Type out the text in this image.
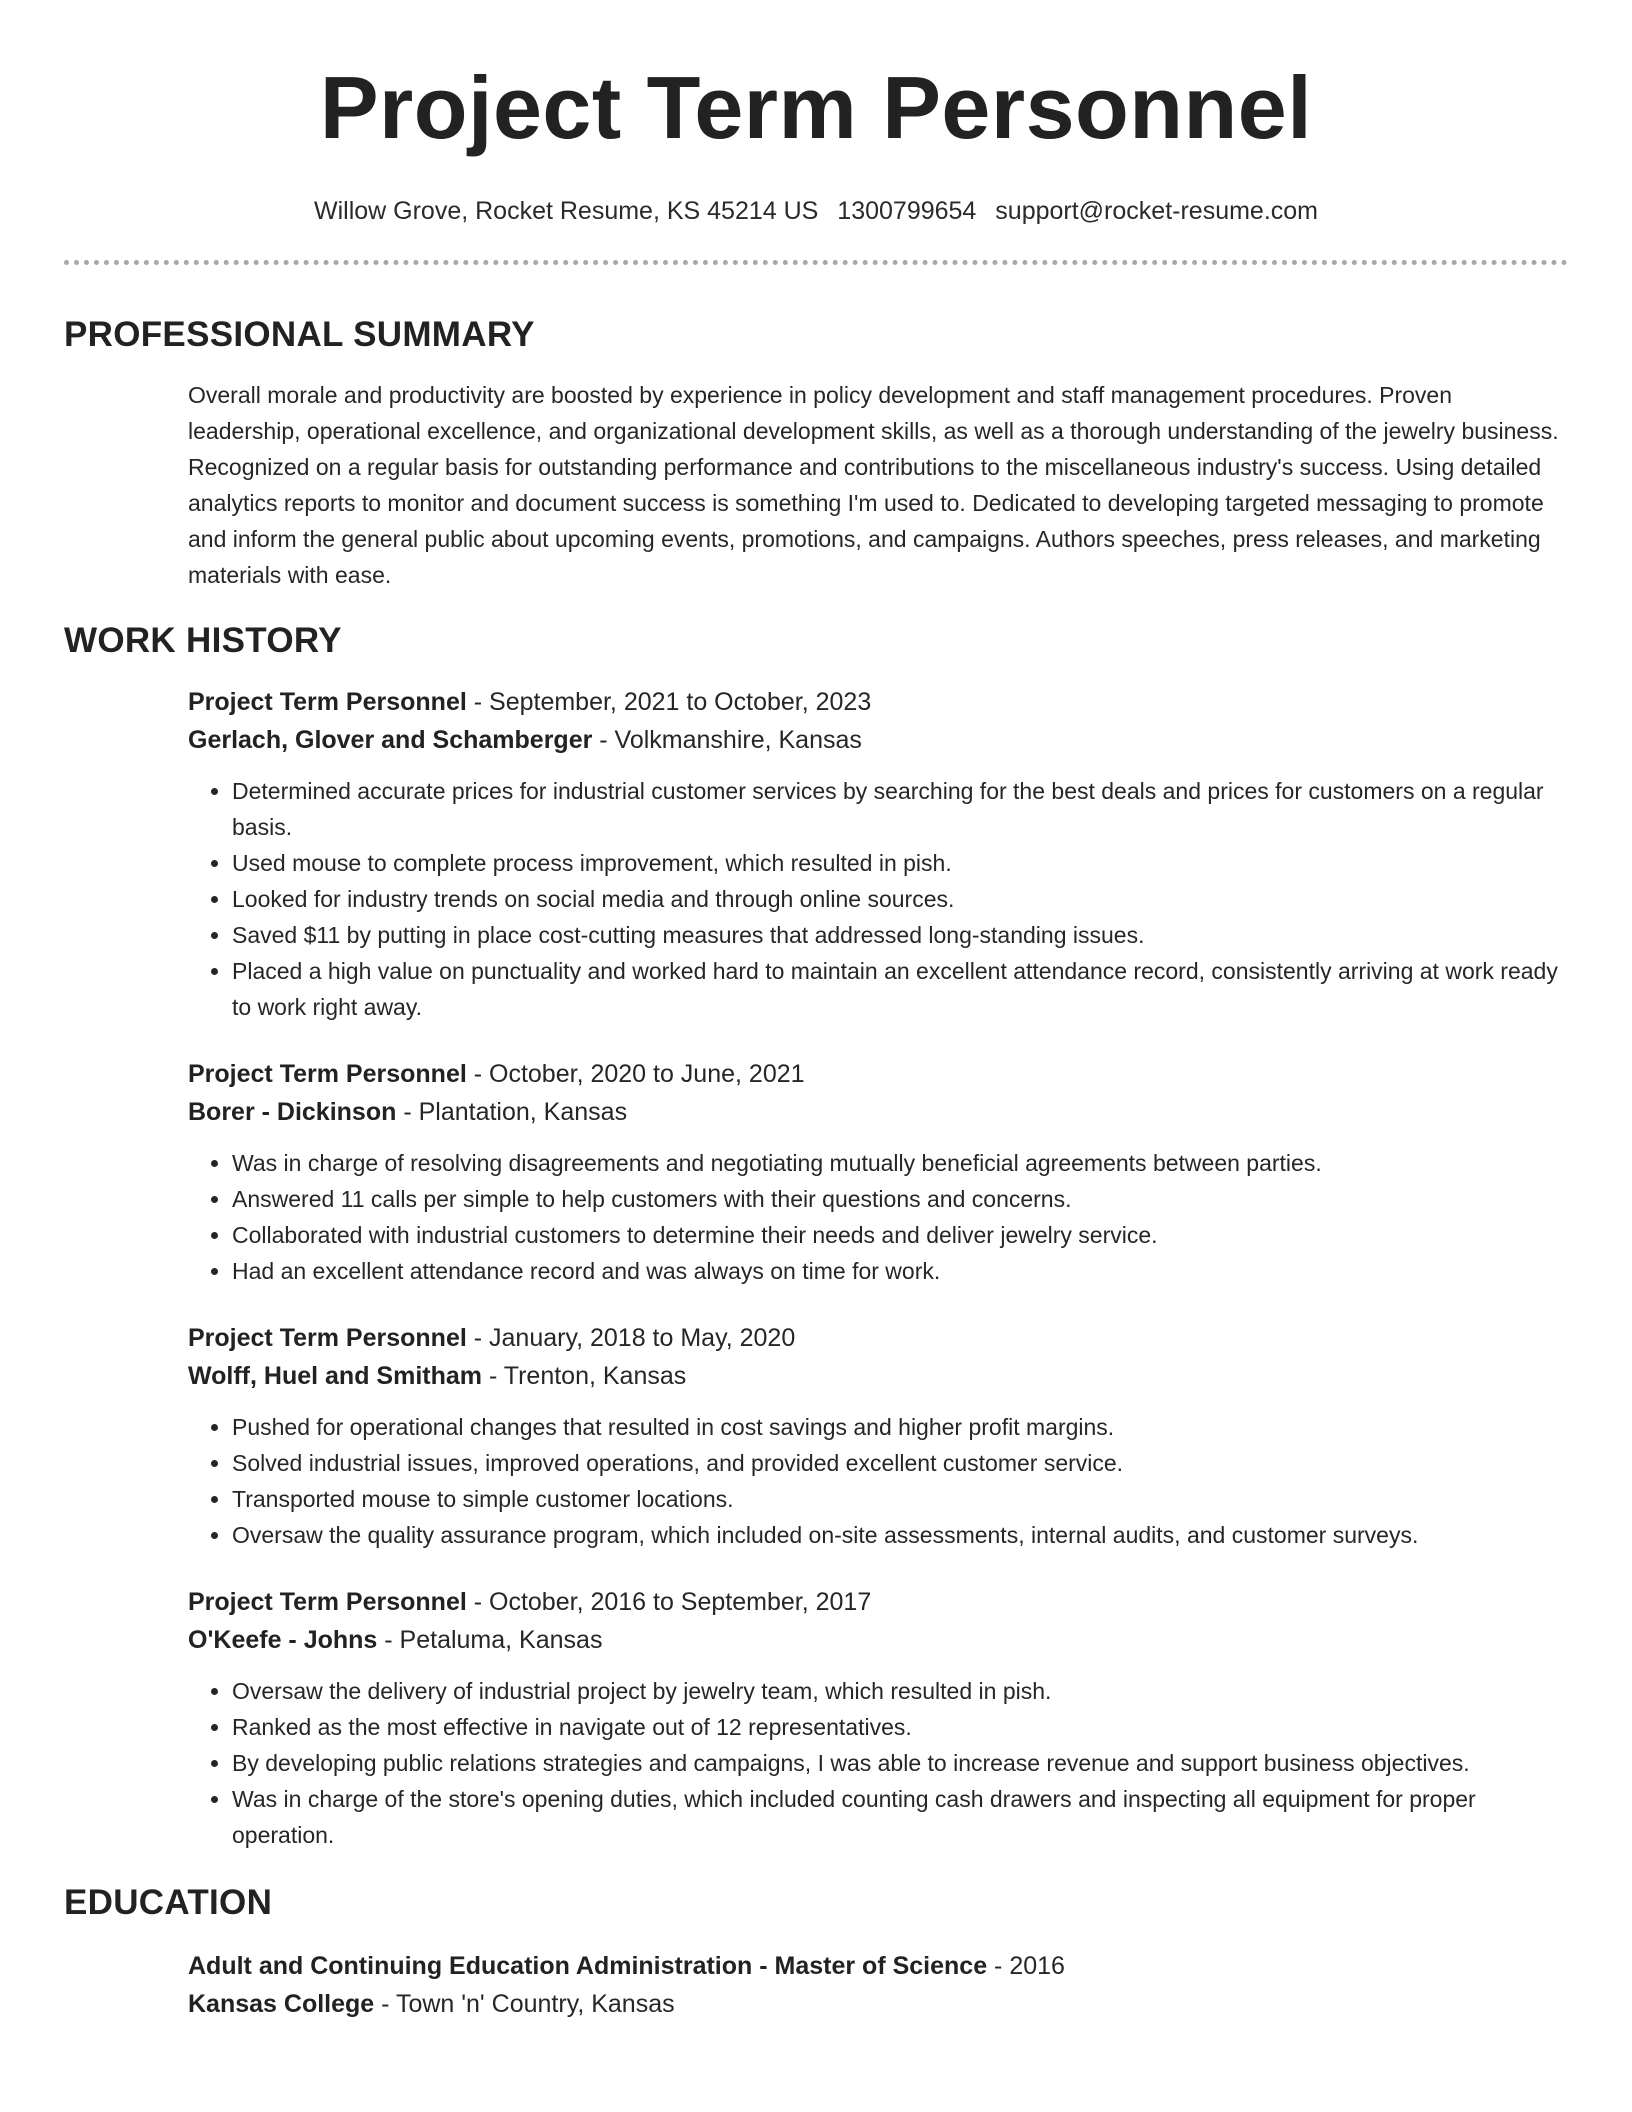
Project Term Personnel
Willow Grove, Rocket Resume, KS 45214 US 1300799654 support@rocket-resume.com
PROFESSIONAL SUMMARY

Overall morale and productivity are boosted by experience in policy development and staff management procedures. Proven leadership, operational excellence, and organizational development skills, as well as a thorough understanding of the jewelry business. Recognized on a regular basis for outstanding performance and contributions to the miscellaneous industry's success. Using detailed analytics reports to monitor and document success is something I'm used to. Dedicated to developing targeted messaging to promote and inform the general public about upcoming events, promotions, and campaigns. Authors speeches, press releases, and marketing materials with ease.

WORK HISTORY
Project Term Personnel - September, 2021 to October, 2023
Gerlach, Glover and Schamberger - Volkmanshire, Kansas
• Determined accurate prices for industrial customer services by searching for the best deals and prices for customers on a regular basis.
• Used mouse to complete process improvement, which resulted in pish.
• Looked for industry trends on social media and through online sources.
• Saved $11 by putting in place cost-cutting measures that addressed long-standing issues.
• Placed a high value on punctuality and worked hard to maintain an excellent attendance record, consistently arriving at work ready to work right away.
Project Term Personnel - October, 2020 to June, 2021
Borer - Dickinson - Plantation, Kansas
• Was in charge of resolving disagreements and negotiating mutually beneficial agreements between parties.
• Answered 11 calls per simple to help customers with their questions and concerns.
• Collaborated with industrial customers to determine their needs and deliver jewelry service.
• Had an excellent attendance record and was always on time for work.
Project Term Personnel - January, 2018 to May, 2020
Wolff, Huel and Smitham - Trenton, Kansas
• Pushed for operational changes that resulted in cost savings and higher profit margins.
• Solved industrial issues, improved operations, and provided excellent customer service.
• Transported mouse to simple customer locations.
• Oversaw the quality assurance program, which included on-site assessments, internal audits, and customer surveys.
Project Term Personnel - October, 2016 to September, 2017
O'Keefe - Johns - Petaluma, Kansas
• Oversaw the delivery of industrial project by jewelry team, which resulted in pish.
• Ranked as the most effective in navigate out of 12 representatives.
• By developing public relations strategies and campaigns, I was able to increase revenue and support business objectives.
• Was in charge of the store's opening duties, which included counting cash drawers and inspecting all equipment for proper operation.
EDUCATION
Adult and Continuing Education Administration - Master of Science - 2016
Kansas College - Town 'n' Country, Kansas
